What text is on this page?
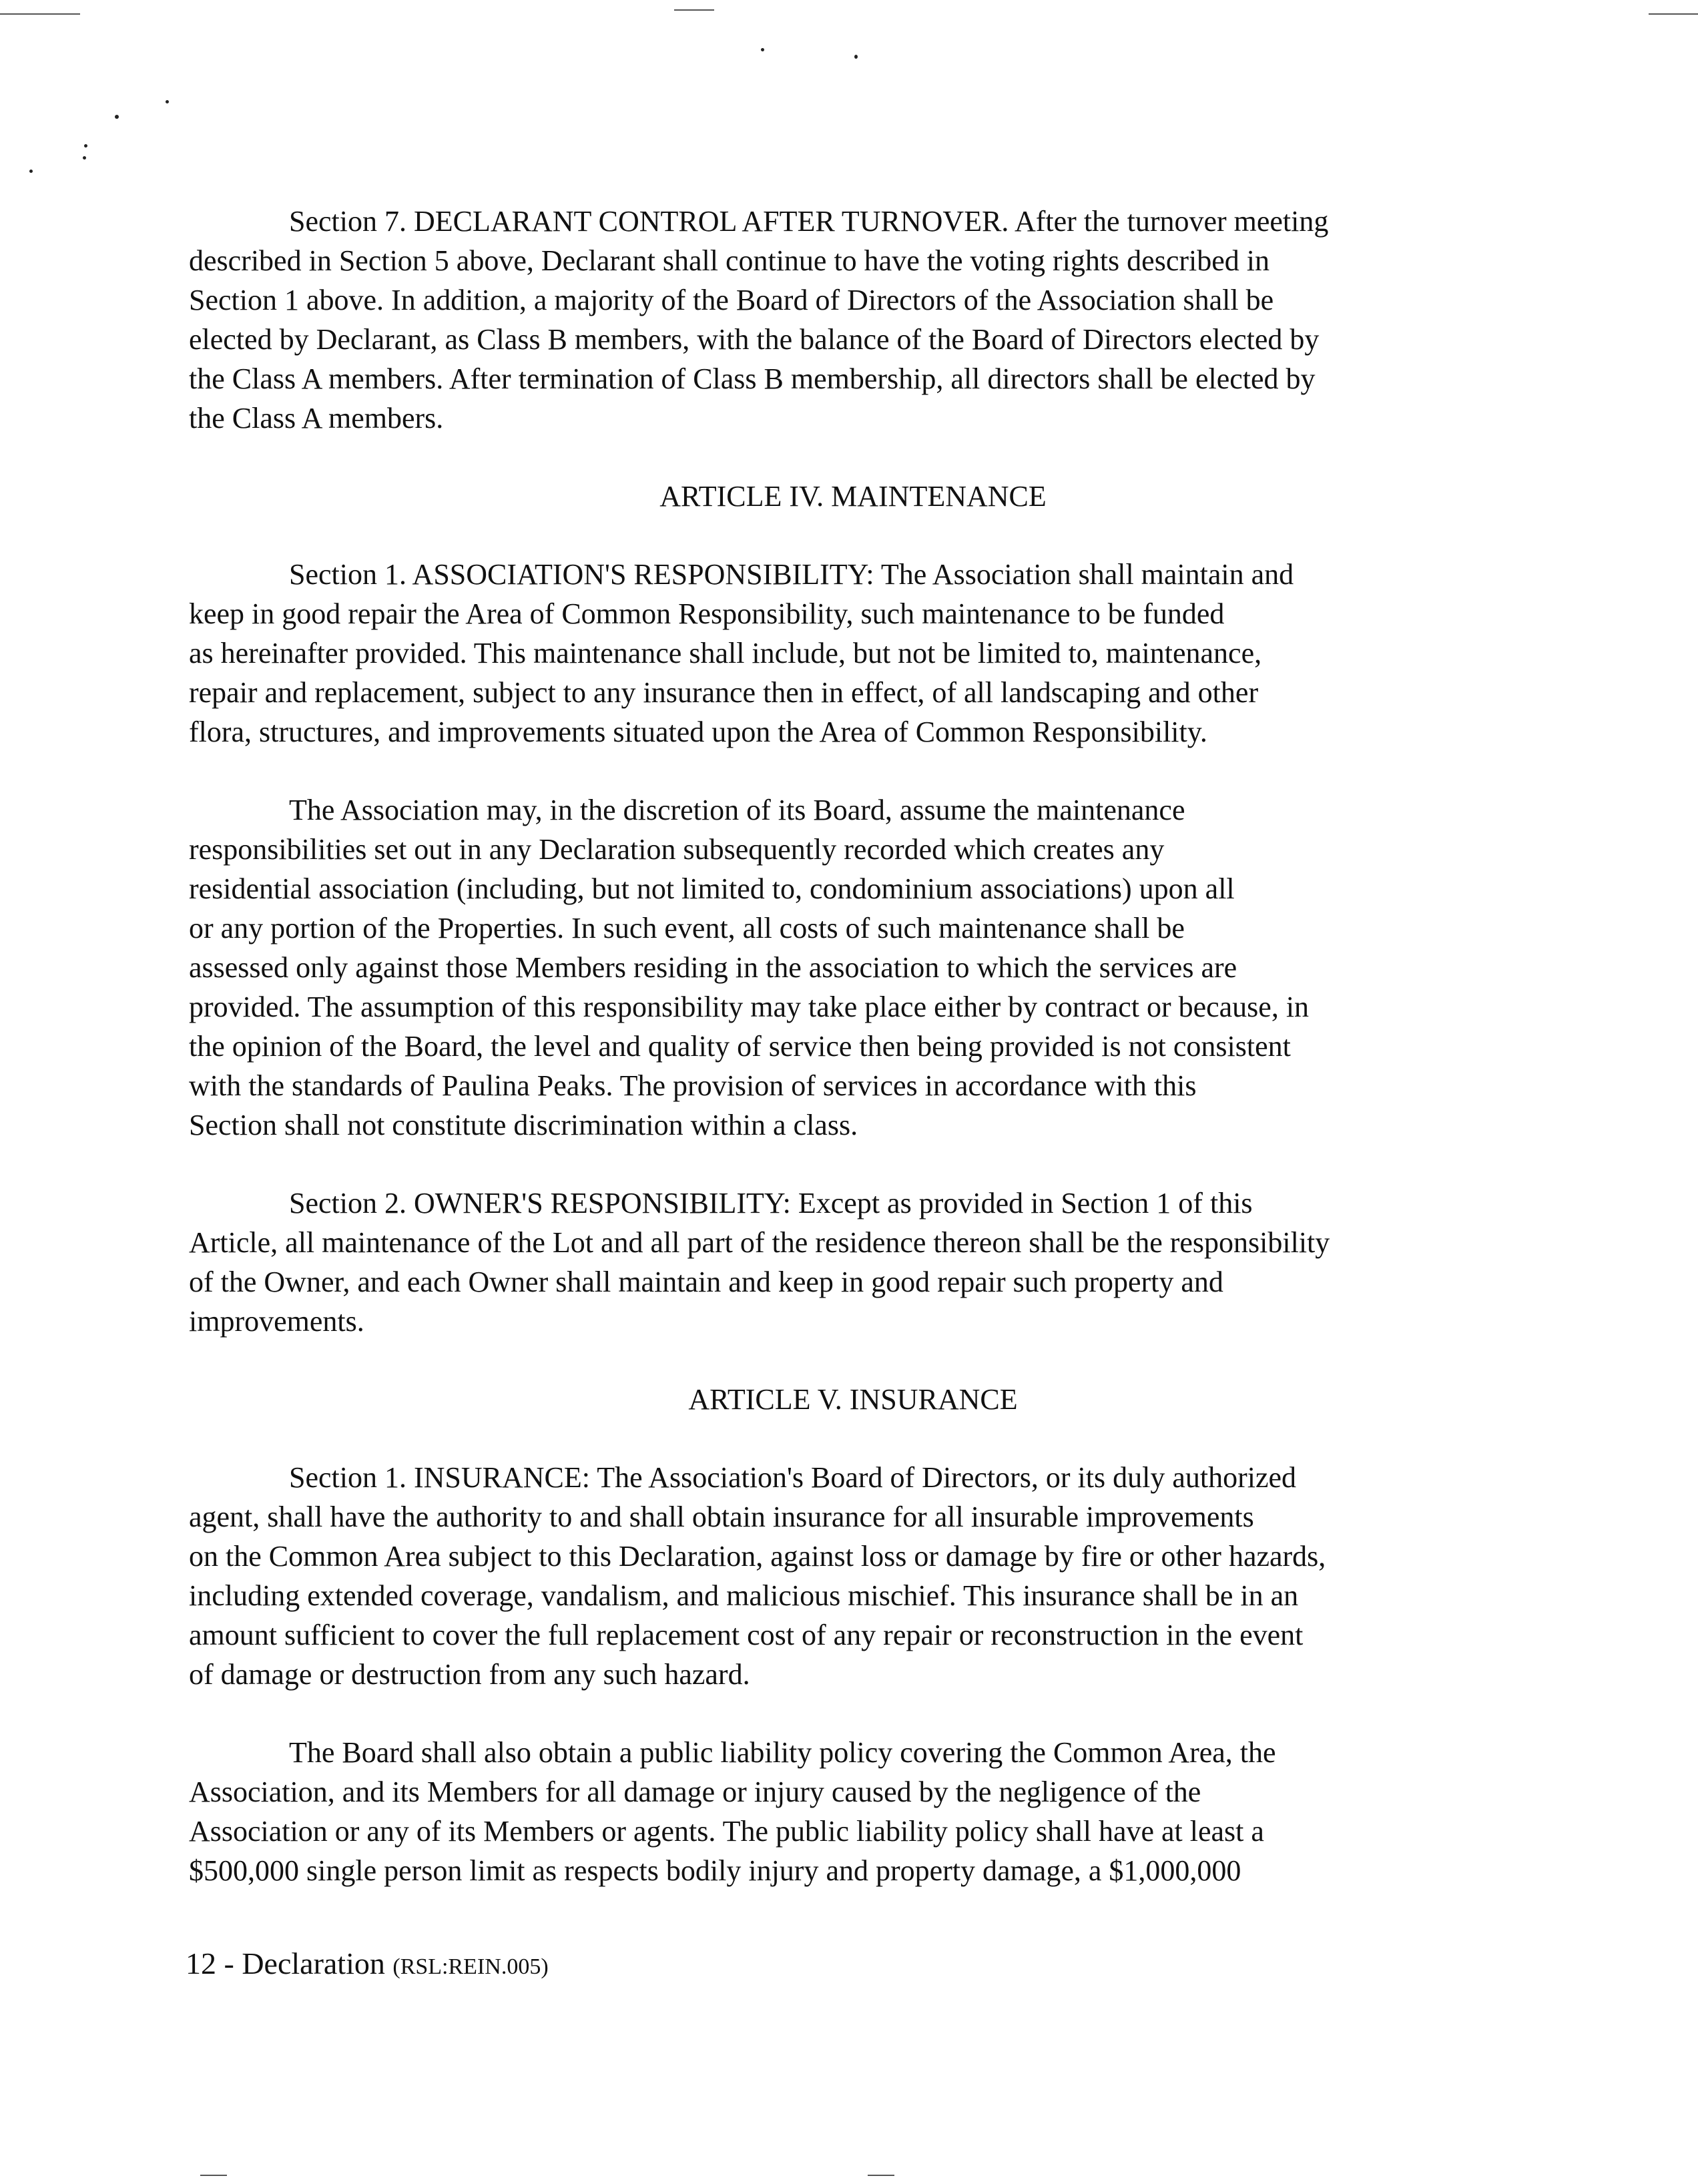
Section 7. DECLARANT CONTROL AFTER TURNOVER. After the turnover meeting
described in Section 5 above, Declarant shall continue to have the voting rights described in
Section 1 above. In addition, a majority of the Board of Directors of the Association shall be
elected by Declarant, as Class B members, with the balance of the Board of Directors elected by
the Class A members. After termination of Class B membership, all directors shall be elected by
the Class A members.
ARTICLE IV. MAINTENANCE
Section 1. ASSOCIATION'S RESPONSIBILITY: The Association shall maintain and
keep in good repair the Area of Common Responsibility, such maintenance to be funded
as hereinafter provided. This maintenance shall include, but not be limited to, maintenance,
repair and replacement, subject to any insurance then in effect, of all landscaping and other
flora, structures, and improvements situated upon the Area of Common Responsibility.
The Association may, in the discretion of its Board, assume the maintenance
responsibilities set out in any Declaration subsequently recorded which creates any
residential association (including, but not limited to, condominium associations) upon all
or any portion of the Properties. In such event, all costs of such maintenance shall be
assessed only against those Members residing in the association to which the services are
provided. The assumption of this responsibility may take place either by contract or because, in
the opinion of the Board, the level and quality of service then being provided is not consistent
with the standards of Paulina Peaks. The provision of services in accordance with this
Section shall not constitute discrimination within a class.
Section 2. OWNER'S RESPONSIBILITY: Except as provided in Section 1 of this
Article, all maintenance of the Lot and all part of the residence thereon shall be the responsibility
of the Owner, and each Owner shall maintain and keep in good repair such property and
improvements.
ARTICLE V. INSURANCE
Section 1. INSURANCE: The Association's Board of Directors, or its duly authorized
agent, shall have the authority to and shall obtain insurance for all insurable improvements
on the Common Area subject to this Declaration, against loss or damage by fire or other hazards,
including extended coverage, vandalism, and malicious mischief. This insurance shall be in an
amount sufficient to cover the full replacement cost of any repair or reconstruction in the event
of damage or destruction from any such hazard.
The Board shall also obtain a public liability policy covering the Common Area, the
Association, and its Members for all damage or injury caused by the negligence of the
Association or any of its Members or agents. The public liability policy shall have at least a
$500,000 single person limit as respects bodily injury and property damage, a $1,000,000
12 - Declaration (RSL:REIN.005)
